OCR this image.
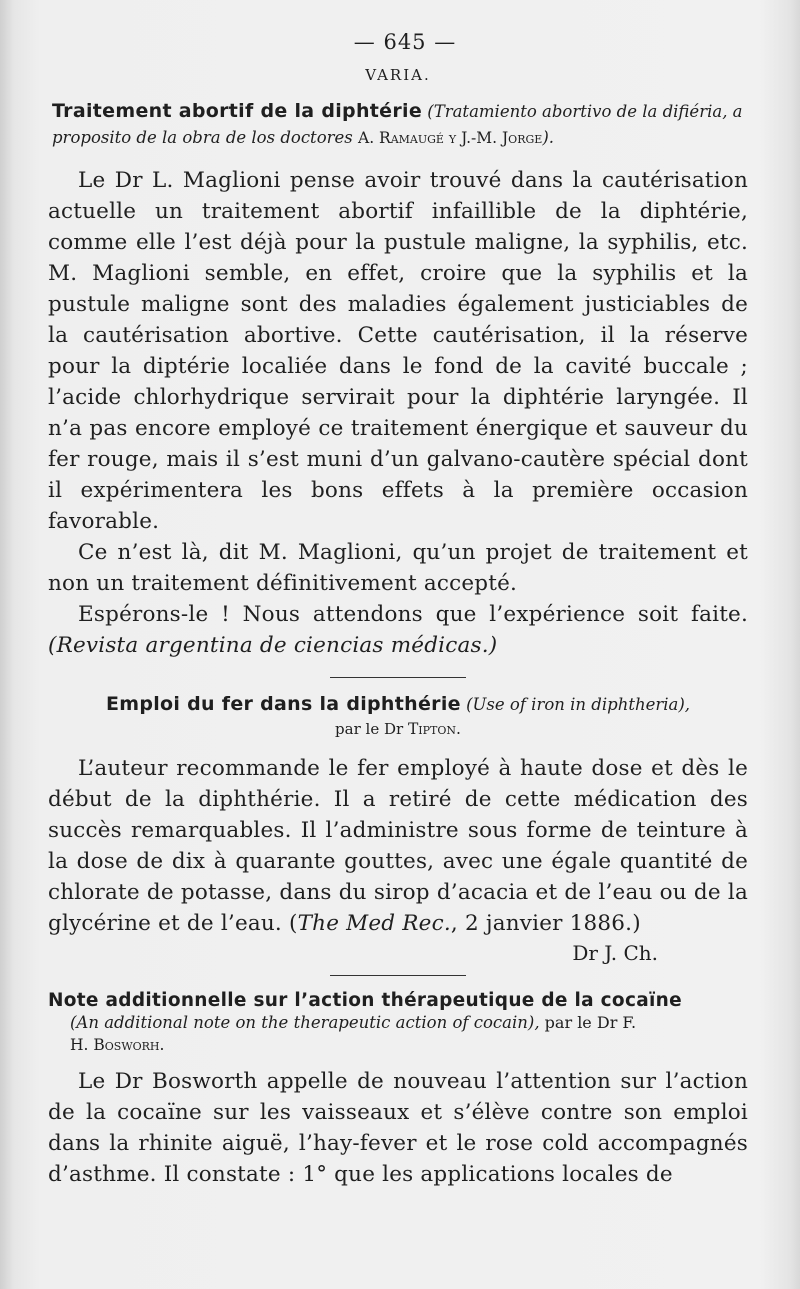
— 645 —
VARIA.
Traitement abortif de la diphtérie (Tratamiento abortivo de la difiéria, a proposito de la obra de los doctores A. Ramaugé y J.-M. Jorge).

Le Dr L. Maglioni pense avoir trouvé dans la cautérisation actuelle un traitement abortif infaillible de la diphtérie, comme elle l’est déjà pour la pustule maligne, la syphilis, etc. M. Maglioni semble, en effet, croire que la syphilis et la pustule maligne sont des maladies également justiciables de la cautérisation abortive. Cette cautérisation, il la réserve pour la diptérie localiée dans le fond de la cavité buccale ; l’acide chlorhydrique servirait pour la diphtérie laryngée. Il n’a pas encore employé ce traitement énergique et sauveur du fer rouge, mais il s’est muni d’un galvano-cautère spécial dont il expérimentera les bons effets à la première occasion favorable.

Ce n’est là, dit M. Maglioni, qu’un projet de traitement et non un traitement définitivement accepté.

Espérons-le ! Nous attendons que l’expérience soit faite. (Revista argentina de ciencias médicas.)

Emploi du fer dans la diphthérie (Use of iron in diphtheria),
par le Dr Tipton.

L’auteur recommande le fer employé à haute dose et dès le début de la diphthérie. Il a retiré de cette médication des succès remarquables. Il l’administre sous forme de teinture à la dose de dix à quarante gouttes, avec une égale quantité de chlorate de potasse, dans du sirop d’acacia et de l’eau ou de la glycérine et de l’eau. (The Med Rec., 2 janvier 1886.)

Dr J. Ch.
Note additionnelle sur l’action thérapeutique de la cocaïne
(An additional note on the therapeutic action of cocain), par le Dr F.
H. Bosworh.

Le Dr Bosworth appelle de nouveau l’attention sur l’action de la cocaïne sur les vaisseaux et s’élève contre son emploi dans la rhinite aiguë, l’hay-fever et le rose cold accompagnés d’asthme. Il constate : 1° que les applications locales de
